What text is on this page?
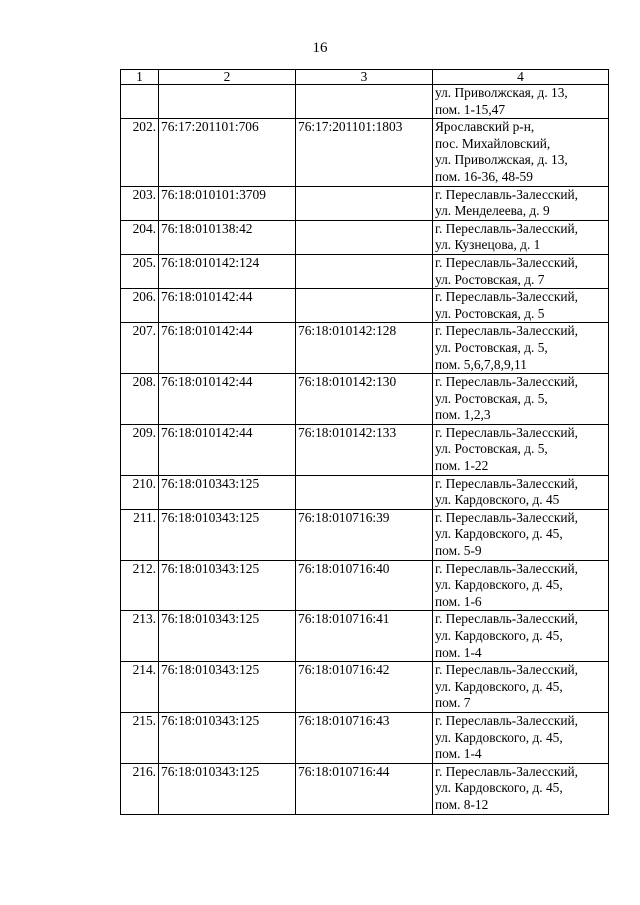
16
1	2	3	4

			ул. Приволжская, д. 13,
пом. 1-15,47

202.	76:17:201101:706	76:17:201101:1803	Ярославский р-н,
пос. Михайловский,
ул. Приволжская, д. 13,
пом. 16-36, 48-59

203.	76:18:010101:3709		г. Переславль-Залесский,
ул. Менделеева, д. 9

204.	76:18:010138:42		г. Переславль-Залесский,
ул. Кузнецова, д. 1

205.	76:18:010142:124		г. Переславль-Залесский,
ул. Ростовская, д. 7

206.	76:18:010142:44		г. Переславль-Залесский,
ул. Ростовская, д. 5

207.	76:18:010142:44	76:18:010142:128	г. Переславль-Залесский,
ул. Ростовская, д. 5,
пом. 5,6,7,8,9,11

208.	76:18:010142:44	76:18:010142:130	г. Переславль-Залесский,
ул. Ростовская, д. 5,
пом. 1,2,3

209.	76:18:010142:44	76:18:010142:133	г. Переславль-Залесский,
ул. Ростовская, д. 5,
пом. 1-22

210.	76:18:010343:125		г. Переславль-Залесский,
ул. Кардовского, д. 45

211.	76:18:010343:125	76:18:010716:39	г. Переславль-Залесский,
ул. Кардовского, д. 45,
пом. 5-9

212.	76:18:010343:125	76:18:010716:40	г. Переславль-Залесский,
ул. Кардовского, д. 45,
пом. 1-6

213.	76:18:010343:125	76:18:010716:41	г. Переславль-Залесский,
ул. Кардовского, д. 45,
пом. 1-4

214.	76:18:010343:125	76:18:010716:42	г. Переславль-Залесский,
ул. Кардовского, д. 45,
пом. 7

215.	76:18:010343:125	76:18:010716:43	г. Переславль-Залесский,
ул. Кардовского, д. 45,
пом. 1-4

216.	76:18:010343:125	76:18:010716:44	г. Переславль-Залесский,
ул. Кардовского, д. 45,
пом. 8-12
